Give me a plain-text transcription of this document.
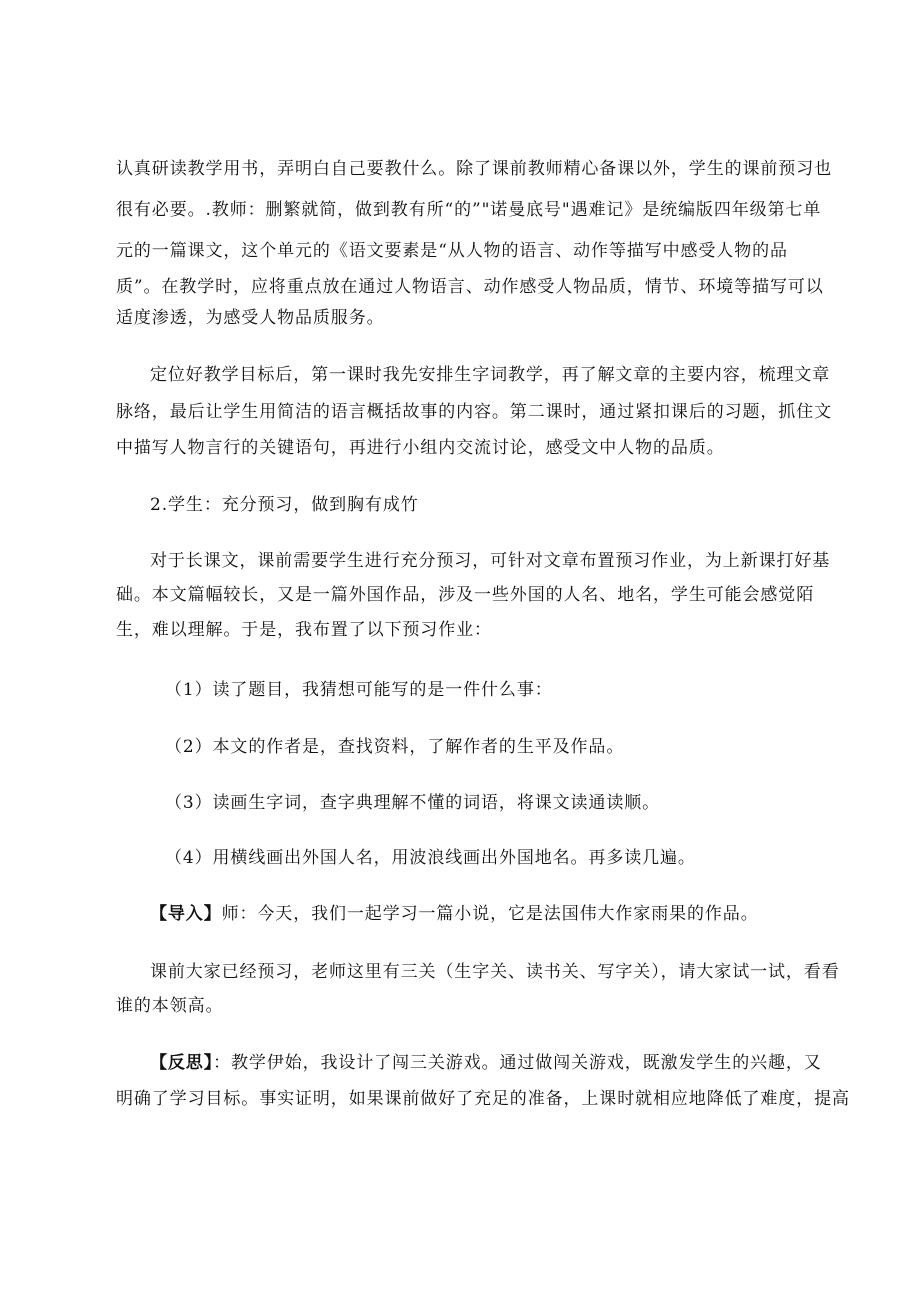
认真研读教学用书，弄明白自己要教什么。除了课前教师精心备课以外，学生的课前预习也
很有必要。.教师：删繁就简，做到教有所“的”"诺曼底号"遇难记》是统编版四年级第七单
元的一篇课文，这个单元的《语文要素是“从人物的语言、动作等描写中感受人物的品
质”。在教学时，应将重点放在通过人物语言、动作感受人物品质，情节、环境等描写可以
适度渗透，为感受人物品质服务。
定位好教学目标后，第一课时我先安排生字词教学，再了解文章的主要内容，梳理文章
脉络，最后让学生用简洁的语言概括故事的内容。第二课时，通过紧扣课后的习题，抓住文
中描写人物言行的关键语句，再进行小组内交流讨论，感受文中人物的品质。
2.学生：充分预习，做到胸有成竹
对于长课文，课前需要学生进行充分预习，可针对文章布置预习作业，为上新课打好基
础。本文篇幅较长，又是一篇外国作品，涉及一些外国的人名、地名，学生可能会感觉陌
生，难以理解。于是，我布置了以下预习作业：
（1）读了题目，我猜想可能写的是一件什么事：
（2）本文的作者是，查找资料，了解作者的生平及作品。
（3）读画生字词，查字典理解不懂的词语，将课文读通读顺。
（4）用横线画出外国人名，用波浪线画出外国地名。再多读几遍。
【导入】师：今天，我们一起学习一篇小说，它是法国伟大作家雨果的作品。
课前大家已经预习，老师这里有三关（生字关、读书关、写字关），请大家试一试，看看
谁的本领高。
【反思】：教学伊始，我设计了闯三关游戏。通过做闯关游戏，既激发学生的兴趣，又
明确了学习目标。事实证明，如果课前做好了充足的准备，上课时就相应地降低了难度，提高
